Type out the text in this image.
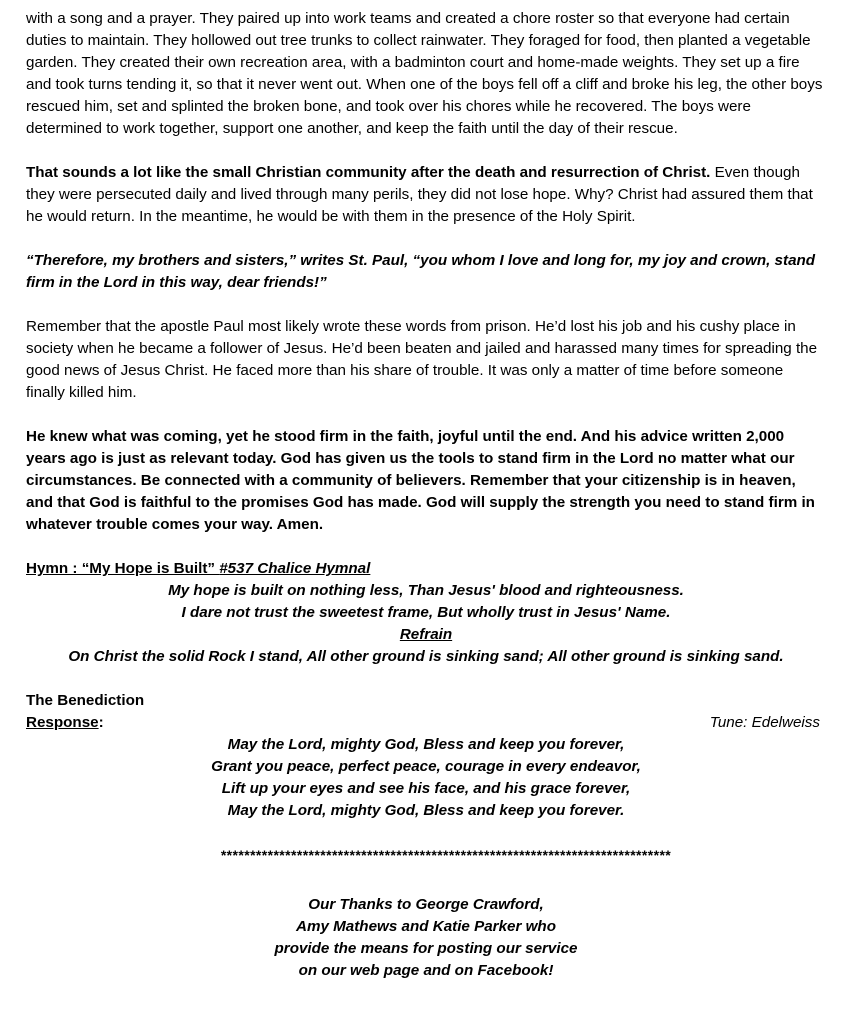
with a song and a prayer. They paired up into work teams and created a chore roster so that everyone had certain duties to maintain. They hollowed out tree trunks to collect rainwater. They foraged for food, then planted a vegetable garden. They created their own recreation area, with a badminton court and home-made weights. They set up a fire and took turns tending it, so that it never went out. When one of the boys fell off a cliff and broke his leg, the other boys rescued him, set and splinted the broken bone, and took over his chores while he recovered. The boys were determined to work together, support one another, and keep the faith until the day of their rescue.

That sounds a lot like the small Christian community after the death and resurrection of Christ. Even though they were persecuted daily and lived through many perils, they did not lose hope. Why? Christ had assured them that he would return. In the meantime, he would be with them in the presence of the Holy Spirit.

“Therefore, my brothers and sisters,” writes St. Paul, “you whom I love and long for, my joy and crown, stand firm in the Lord in this way, dear friends!”

Remember that the apostle Paul most likely wrote these words from prison. He’d lost his job and his cushy place in society when he became a follower of Jesus. He’d been beaten and jailed and harassed many times for spreading the good news of Jesus Christ. He faced more than his share of trouble. It was only a matter of time before someone finally killed him.

He knew what was coming, yet he stood firm in the faith, joyful until the end. And his advice written 2,000 years ago is just as relevant today. God has given us the tools to stand firm in the Lord no matter what our circumstances. Be connected with a community of believers. Remember that your citizenship is in heaven, and that God is faithful to the promises God has made. God will supply the strength you need to stand firm in whatever trouble comes your way. Amen.

Hymn : “My Hope is Built” #537 Chalice Hymnal

My hope is built on nothing less, Than Jesus' blood and righteousness.

I dare not trust the sweetest frame, But wholly trust in Jesus' Name.

Refrain

On Christ the solid Rock I stand, All other ground is sinking sand; All other ground is sinking sand.

The Benediction

Response:	Tune: Edelweiss

May the Lord, mighty God, Bless and keep you forever,

Grant you peace, perfect peace, courage in every endeavor,

Lift up your eyes and see his face, and his grace forever,

May the Lord, mighty God, Bless and keep you forever.

*****************************************************************************

Our Thanks to George Crawford,

Amy Mathews and Katie Parker who

provide the means for posting our service

on our web page and on Facebook!
